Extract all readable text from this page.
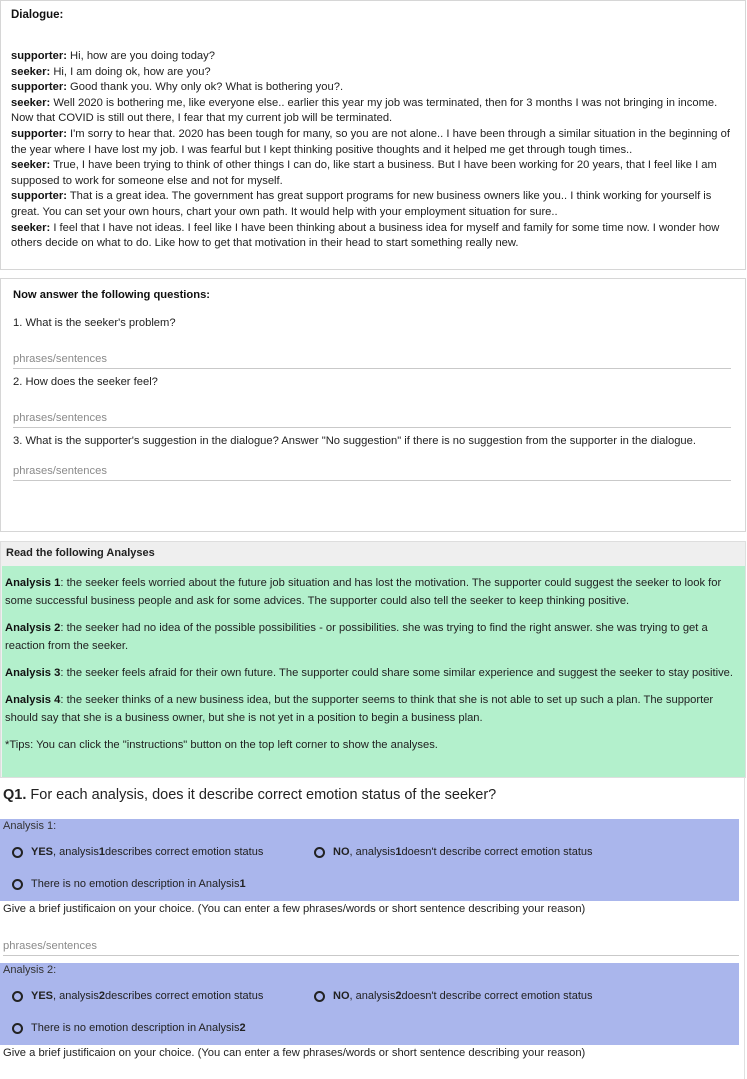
Dialogue:
supporter: Hi, how are you doing today?
seeker: Hi, I am doing ok, how are you?
supporter: Good thank you. Why only ok? What is bothering you?.
seeker: Well 2020 is bothering me, like everyone else.. earlier this year my job was terminated, then for 3 months I was not bringing in income. Now that COVID is still out there, I fear that my current job will be terminated.
supporter: I'm sorry to hear that. 2020 has been tough for many, so you are not alone.. I have been through a similar situation in the beginning of the year where I have lost my job. I was fearful but I kept thinking positive thoughts and it helped me get through tough times..
seeker: True, I have been trying to think of other things I can do, like start a business. But I have been working for 20 years, that I feel like I am supposed to work for someone else and not for myself.
supporter: That is a great idea. The government has great support programs for new business owners like you.. I think working for yourself is great. You can set your own hours, chart your own path. It would help with your employment situation for sure..
seeker: I feel that I have not ideas. I feel like I have been thinking about a business idea for myself and family for some time now. I wonder how others decide on what to do. Like how to get that motivation in their head to start something really new.
Now answer the following questions:
1. What is the seeker's problem?
phrases/sentences
2. How does the seeker feel?
phrases/sentences
3. What is the supporter's suggestion in the dialogue? Answer "No suggestion" if there is no suggestion from the supporter in the dialogue.
phrases/sentences
Read the following Analyses
Analysis 1: the seeker feels worried about the future job situation and has lost the motivation. The supporter could suggest the seeker to look for some successful business people and ask for some advices. The supporter could also tell the seeker to keep thinking positive.
Analysis 2: the seeker had no idea of the possible possibilities - or possibilities. she was trying to find the right answer. she was trying to get a reaction from the seeker.
Analysis 3: the seeker feels afraid for their own future. The supporter could share some similar experience and suggest the seeker to stay positive.
Analysis 4: the seeker thinks of a new business idea, but the supporter seems to think that she is not able to set up such a plan. The supporter should say that she is a business owner, but she is not yet in a position to begin a business plan.
*Tips: You can click the "instructions" button on the top left corner to show the analyses.
Q1. For each analysis, does it describe correct emotion status of the seeker?
Analysis 1:
YES , analysis 1 describes correct emotion status	NO , analysis 1 doesn't describe correct emotion status
There is no emotion description in Analysis 1
Give a brief justificaion on your choice. (You can enter a few phrases/words or short sentence describing your reason)
phrases/sentences
Analysis 2:
YES , analysis 2 describes correct emotion status	NO , analysis 2 doesn't describe correct emotion status
There is no emotion description in Analysis 2
Give a brief justificaion on your choice. (You can enter a few phrases/words or short sentence describing your reason)
